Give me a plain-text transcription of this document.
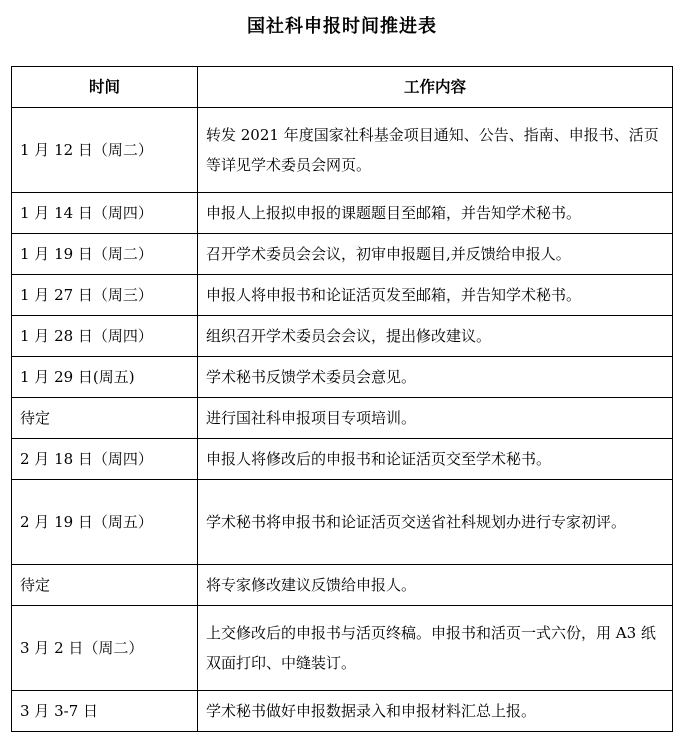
国社科申报时间推进表
时间	工作内容
1 月 12 日（周二）	转发 2021 年度国家社科基金项目通知、公告、指南、申报书、活页等详见学术委员会网页。
1 月 14 日（周四）	申报人上报拟申报的课题题目至邮箱，并告知学术秘书。
1 月 19 日（周二）	召开学术委员会会议，初审申报题目,并反馈给申报人。
1 月 27 日（周三）	申报人将申报书和论证活页发至邮箱，并告知学术秘书。
1 月 28 日（周四）	组织召开学术委员会会议，提出修改建议。
1 月 29 日(周五)	学术秘书反馈学术委员会意见。
待定	进行国社科申报项目专项培训。
2 月 18 日（周四）	申报人将修改后的申报书和论证活页交至学术秘书。
2 月 19 日（周五）	学术秘书将申报书和论证活页交送省社科规划办进行专家初评。
待定	将专家修改建议反馈给申报人。
3 月 2 日（周二）	上交修改后的申报书与活页终稿。申报书和活页一式六份，用 A3 纸双面打印、中缝装订。
3 月 3-7 日	学术秘书做好申报数据录入和申报材料汇总上报。
